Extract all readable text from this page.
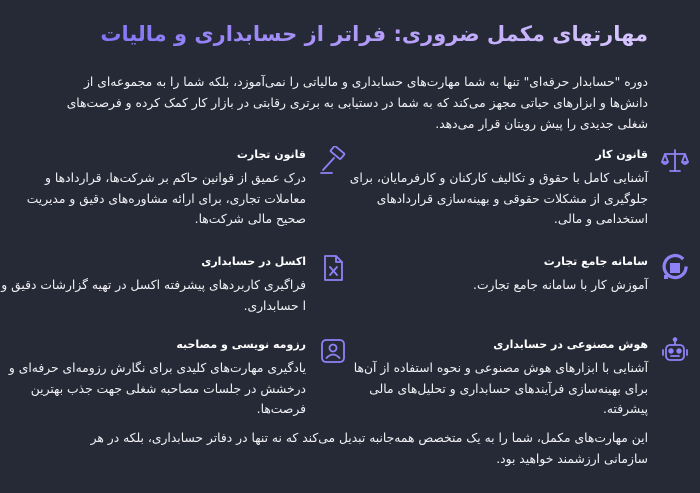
مهارتهای مکمل ضروری: فراتر از حسابداری و مالیات
دوره "حسابدار حرفه‌ای" تنها به شما مهارت‌های حسابداری و مالیاتی را نمی‌آموزد، بلکه شما را به مجموعه‌ای از دانش‌ها و ابزارهای حیاتی مجهز می‌کند که به شما در دستیابی به برتری رقابتی در بازار کار کمک کرده و فرصت‌های شغلی جدیدی را پیش رویتان قرار می‌دهد.
قانون کار
آشنایی کامل با حقوق و تکالیف کارکنان و کارفرمایان، برای جلوگیری از مشکلات حقوقی و بهینه‌سازی قراردادهای استخدامی و مالی.
قانون تجارت
درک عمیق از قوانین حاکم بر شرکت‌ها، قراردادها و معاملات تجاری، برای ارائه مشاوره‌های دقیق و مدیریت صحیح مالی شرکت‌ها.
سامانه جامع تجارت
آموزش کار با سامانه جامع تجارت.
اکسل در حسابداری
فراگیری کاربردهای پیشرفته اکسل در تهیه گزارشات دقیق و ا حسابداری.
هوش مصنوعی در حسابداری
آشنایی با ابزارهای هوش مصنوعی و نحوه استفاده از آن‌ها برای بهینه‌سازی فرآیندهای حسابداری و تحلیل‌های مالی پیشرفته.
رزومه نویسی و مصاحبه
یادگیری مهارت‌های کلیدی برای نگارش رزومه‌ای حرفه‌ای و درخشش در جلسات مصاحبه شغلی جهت جذب بهترین فرصت‌ها.
این مهارت‌های مکمل، شما را به یک متخصص همه‌جانبه تبدیل می‌کند که نه تنها در دفاتر حسابداری، بلکه در هر سازمانی ارزشمند خواهید بود.
